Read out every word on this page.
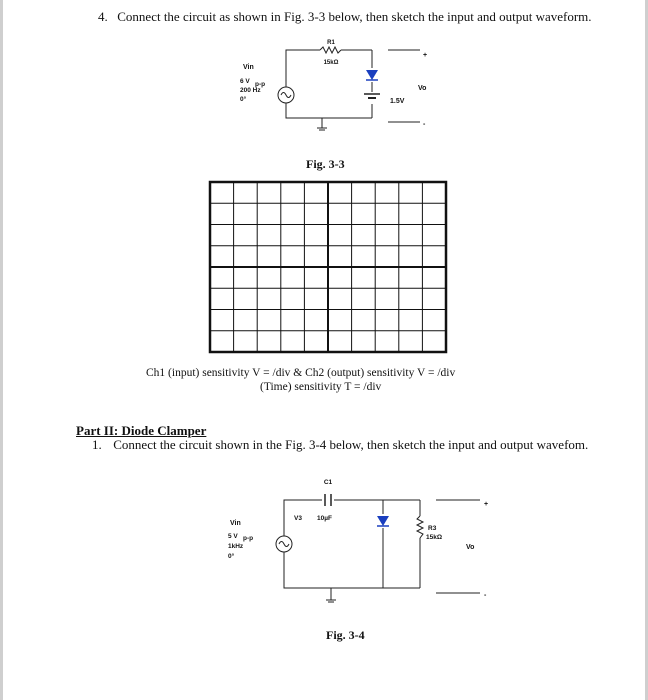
4. Connect the circuit as shown in Fig. 3-3 below, then sketch the input and output waveform.
R1
15kΩ
Vin
6 V p-p
200 Hz
0°	1.5V
Vo
+
-
Fig. 3-3
Ch1 (input) sensitivity V = /div & Ch2 (output) sensitivity V = /div
(Time) sensitivity T = /div
Part II: Diode Clamper
1. Connect the circuit shown in the Fig. 3-4 below, then sketch the input and output wavefom.
C1
V3 10µF
R3
15kΩ
Vin
5 V p-p
1kHz
0°
Vo
+
-
Fig. 3-4
